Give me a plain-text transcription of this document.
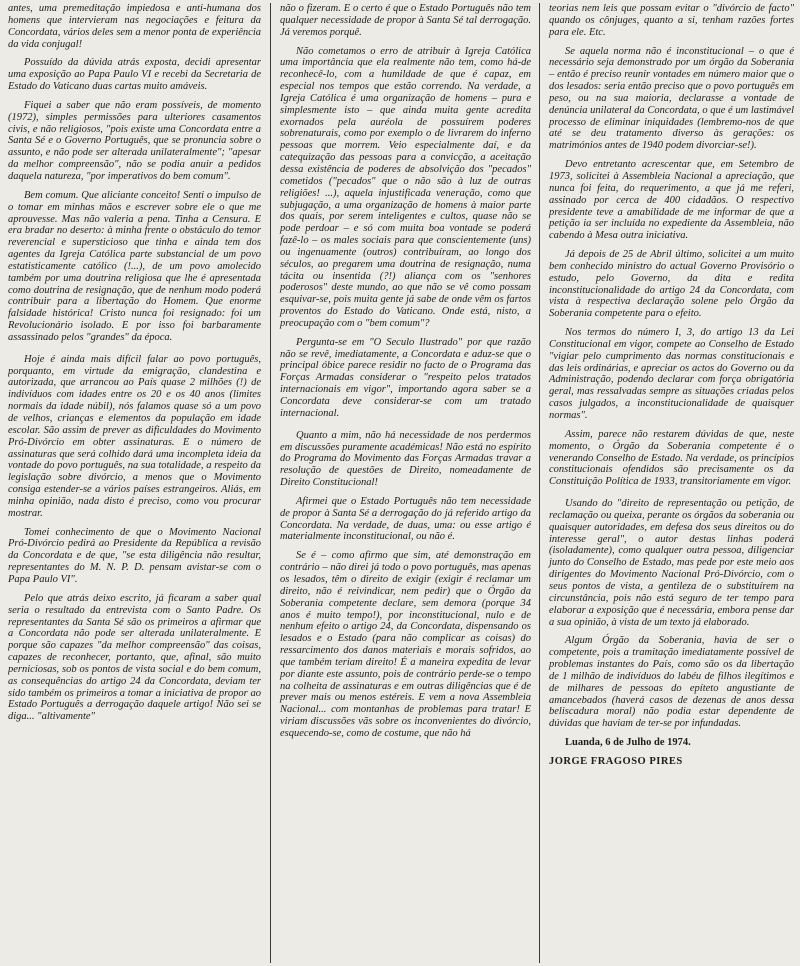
antes, uma premeditação impiedosa e anti-humana dos homens que intervieram nas negociações e feitura da Concordata, vários deles sem a menor ponta de experiência da vida conjugal!

Possuído da dúvida atrás exposta, decidi apresentar uma exposição ao Papa Paulo VI e recebi da Secretaria de Estado do Vaticano duas cartas muito amáveis.

Fiquei a saber que não eram possíveis, de momento (1972), simples permissões para ulteriores casamentos civis, e não religiosos, "pois existe uma Concordata entre a Santa Sé e o Governo Português, que se pronuncia sobre o assunto, e não pode ser alterada unilateralmente"; "apesar da melhor compreensão", não se podia anuir a pedidos daquela natureza, "por imperativos do bem comum".

Bem comum. Que aliciante conceito! Senti o impulso de o tomar em minhas mãos e escrever sobre ele o que me aprouvesse. Mas não valeria a pena. Tinha a Censura. E era bradar no deserto: à minha frente o obstáculo do temor reverencial e supersticioso que tinha e ainda tem dos agentes da Igreja Católica parte substancial de um povo estatisticamente católico (!...), de um povo amolecido também por uma doutrina religiosa que lhe é apresentada como doutrina de resignação, que de nenhum modo poderá contribuir para a libertação do Homem. Que enorme falsidade histórica! Cristo nunca foi resignado: foi um Revolucionário isolado. E por isso foi barbaramente assassinado pelos "grandes" da época.

Hoje é ainda mais difícil falar ao povo português, porquanto, em virtude da emigração, clandestina e autorizada, que arrancou ao País quase 2 milhões (!) de indivíduos com idades entre os 20 e os 40 anos (limites normais da idade núbil), nós falamos quase só a um povo de velhos, crianças e elementos da população em idade escolar. São assim de prever as dificuldades do Movimento Pró-Divórcio em obter assinaturas. E o número de assinaturas que será colhido dará uma incompleta ideia da vontade do povo português, na sua totalidade, a respeito da legislação sobre divórcio, a menos que o Movimento consiga estender-se a vários países estrangeiros. Aliás, em minha opinião, nada disto é preciso, como vou procurar mostrar.

Tomei conhecimento de que o Movimento Nacional Pró-Divórcio pedirá ao Presidente da República a revisão da Concordata e de que, "se esta diligência não resultar, representantes do M. N. P. D. pensam avistar-se com o Papa Paulo VI".

Pelo que atrás deixo escrito, já ficaram a saber qual seria o resultado da entrevista com o Santo Padre. Os representantes da Santa Sé são os primeiros a afirmar que a Concordata não pode ser alterada unilateralmente. E porque são capazes "da melhor compreensão" das coisas, capazes de reconhecer, portanto, que, afinal, são muito perniciosas, sob os pontos de vista social e do bem comum, as consequências do artigo 24 da Concordata, deviam ter sido também os primeiros a tomar a iniciativa de propor ao Estado Português a derrogação daquele artigo! Não sei se diga... "altivamente"

não o fizeram. E o certo é que o Estado Português não tem qualquer necessidade de propor à Santa Sé tal derrogação. Já veremos porquê.

Não cometamos o erro de atribuir à Igreja Católica uma importância que ela realmente não tem, como há-de reconhecê-lo, com a humildade de que é capaz, em especial nos tempos que estão correndo. Na verdade, a Igreja Católica é uma organização de homens – pura e simplesmente isto – que ainda muita gente acredita exornados pela auréola de possuírem poderes sobrenaturais, como por exemplo o de livrarem do inferno pessoas que morrem. Veio especialmente daí, e da catequização das pessoas para a convicção, a aceitação dessa existência de poderes de absolvição dos "pecados" cometidos ("pecados" que o não são à luz de outras religiões! ...), aquela injustificada veneração, como que subjugação, a uma organização de homens à maior parte dos quais, por serem inteligentes e cultos, quase não se pode perdoar – e só com muita boa vontade se poderá fazê-lo – os males sociais para que conscientemente (uns) ou ingenuamente (outros) contribuíram, ao longo dos séculos, ao pregarem uma doutrina de resignação, numa tácita ou insentida (?!) aliança com os "senhores poderosos" deste mundo, ao que não se vê como possam esquivar-se, pois muita gente já sabe de onde vêm os fartos proventos do Estado do Vaticano. Onde está, nisto, a preocupação com o "bem comum"?

Pergunta-se em "O Seculo Ilustrado" por que razão não se revê, imediatamente, a Concordata e aduz-se que o principal óbice parece residir no facto de o Programa das Forças Armadas considerar o "respeito pelos tratados internacionais em vigor", importando agora saber se a Concordata deve considerar-se com um tratado internacional.

Quanto a mim, não há necessidade de nos perdermos em discussões puramente académicas! Não está no espírito do Programa do Movimento das Forças Armadas travar a resolução de questões de Direito, nomeadamente de Direito Constitucional!

Afirmei que o Estado Português não tem necessidade de propor à Santa Sé a derrogação do já referido artigo da Concordata. Na verdade, de duas, uma: ou esse artigo é materialmente inconstitucional, ou não é.

Se é – como afirmo que sim, até demonstração em contrário – não direi já todo o povo português, mas apenas os lesados, têm o direito de exigir (exigir é reclamar um direito, não é reivindicar, nem pedir) que o Órgão da Soberania competente declare, sem demora (porque 34 anos é muito tempo!), por inconstitucional, nulo e de nenhum efeito o artigo 24, da Concordata, dispensando os lesados e o Estado (para não complicar as coisas) do ressarcimento dos danos materiais e morais sofridos, ao que também teriam direito! É a maneira expedita de levar por diante este assunto, pois de contrário perde-se o tempo na colheita de assinaturas e em outras diligências que é de prever mais ou menos estéreis. E vem a nova Assembleia Nacional... com montanhas de problemas para tratar! E viriam discussões vãs sobre os inconvenientes do divórcio, esquecendo-se, como de costume, que não há

teorias nem leis que possam evitar o "divórcio de facto" quando os cônjuges, quanto a si, tenham razões fortes para ele. Etc.

Se aquela norma não é inconstitucional – o que é necessário seja demonstrado por um órgão da Soberania – então é preciso reunir vontades em número maior que o dos lesados: seria então preciso que o povo português em peso, ou na sua maioria, declarasse a vontade de denúncia unilateral da Concordata, o que é um lastimável processo de eliminar iniquidades (lembremo-nos de que até se deu tratamento diverso às gerações: os matrimónios antes de 1940 podem divorciar-se!).

Devo entretanto acrescentar que, em Setembro de 1973, solicitei à Assembleia Nacional a apreciação, que nunca foi feita, do requerimento, a que já me referi, assinado por cerca de 400 cidadãos. O respectivo presidente teve a amabilidade de me informar de que a petição ia ser incluída no expediente da Assembleia, não cabendo à Mesa outra iniciativa.

Já depois de 25 de Abril último, solicitei a um muito bem conhecido ministro do actual Governo Provisório o estudo, pelo Governo, da dita e redita inconstitucionalidade do artigo 24 da Concordata, com vista à respectiva declaração solene pelo Órgão da Soberania competente para o efeito.

Nos termos do número I, 3, do artigo 13 da Lei Constitucional em vigor, compete ao Conselho de Estado "vigiar pelo cumprimento das normas constitucionais e das leis ordinárias, e apreciar os actos do Governo ou da Administração, podendo declarar com força obrigatória geral, mas ressalvadas sempre as situações criadas pelos casos julgados, a inconstitucionalidade de quaisquer normas".

Assim, parece não restarem dúvidas de que, neste momento, o Órgão da Soberania competente é o venerando Conselho de Estado. Na verdade, os princípios constitucionais ofendidos são precisamente os da Constituição Política de 1933, transitoriamente em vigor.

Usando do "direito de representação ou petição, de reclamação ou queixa, perante os órgãos da soberania ou quaisquer autoridades, em defesa dos seus direitos ou do interesse geral", o autor destas linhas poderá (isoladamente), como qualquer outra pessoa, diligenciar junto do Conselho de Estado, mas pede por este meio aos dirigentes do Movimento Nacional Pró-Divórcio, com o seus pontos de vista, a gentileza de o substituírem na circunstância, pois não está seguro de ter tempo para elaborar a exposição que é necessária, embora pense dar a sua opinião, à vista de um texto já elaborado.

Algum Órgão da Soberania, havia de ser o competente, pois a tramitação imediatamente possível de problemas instantes do País, como são os da libertação de 1 milhão de indivíduos do labéu de filhos ilegítimos e de milhares de pessoas do epíteto angustiante de amancebados (haverá casos de dezenas de anos dessa beliscadura moral) não podia estar dependente de dúvidas que haviam de ter-se por infundadas.

Luanda, 6 de Julho de 1974.

JORGE FRAGOSO PIRES
